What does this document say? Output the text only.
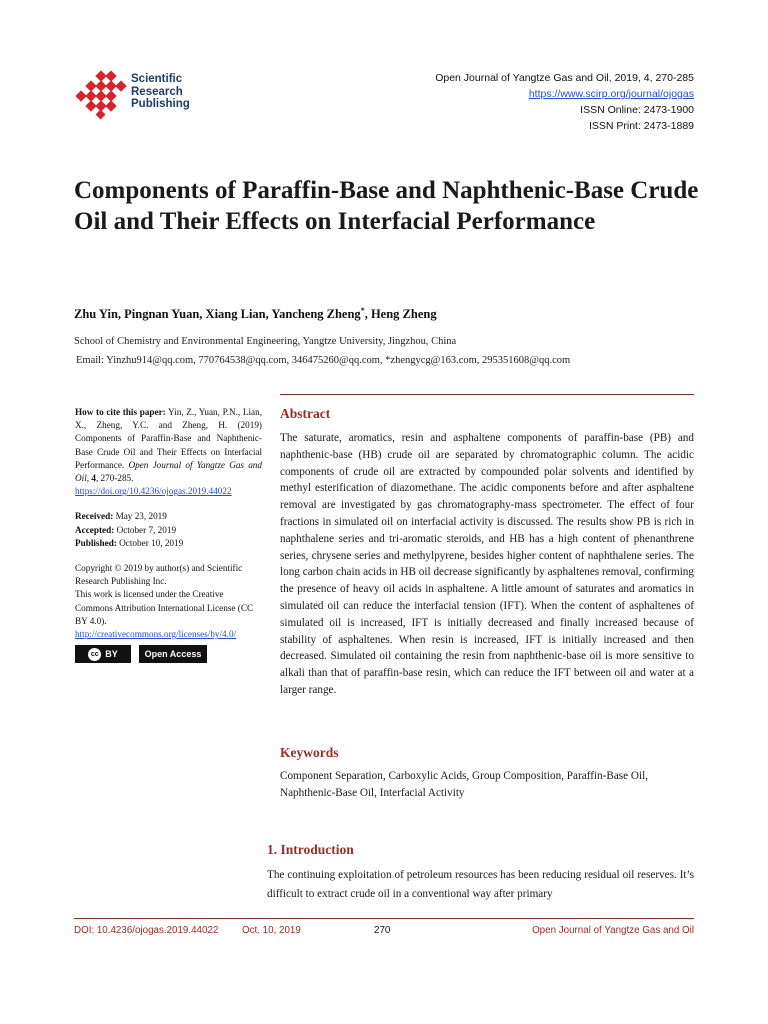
Scientific
Research
Publishing
Open Journal of Yangtze Gas and Oil, 2019, 4, 270-285
https://www.scirp.org/journal/ojogas
ISSN Online: 2473-1900
ISSN Print: 2473-1889
Components of Paraffin-Base and Naphthenic-Base Crude Oil and Their Effects on Interfacial Performance
Zhu Yin, Pingnan Yuan, Xiang Lian, Yancheng Zheng*, Heng Zheng
School of Chemistry and Environmental Engineering, Yangtze University, Jingzhou, China
Email: Yinzhu914@qq.com, 770764538@qq.com, 346475260@qq.com, *zhengycg@163.com, 295351608@qq.com
How to cite this paper: Yin, Z., Yuan, P.N., Lian, X., Zheng, Y.C. and Zheng, H. (2019) Components of Paraffin-Base and Naphthenic-Base Crude Oil and Their Effects on Interfacial Performance. Open Journal of Yangtze Gas and Oil, 4, 270-285.
https://doi.org/10.4236/ojogas.2019.44022
Received: May 23, 2019
Accepted: October 7, 2019
Published: October 10, 2019
Copyright © 2019 by author(s) and Scientific Research Publishing Inc.
This work is licensed under the Creative Commons Attribution International License (CC BY 4.0).
http://creativecommons.org/licenses/by/4.0/
cc BY	Open Access
Abstract
The saturate, aromatics, resin and asphaltene components of paraffin-base (PB) and naphthenic-base (HB) crude oil are separated by chromatographic column. The acidic components of crude oil are extracted by compounded polar solvents and identified by methyl esterification of diazomethane. The acidic components before and after asphaltene removal are investigated by gas chromatography-mass spectrometer. The effect of four fractions in simulated oil on interfacial activity is discussed. The results show PB is rich in naphthalene series and tri-aromatic steroids, and HB has a high content of phenanthrene series, chrysene series and methylpyrene, besides higher content of naphthalene series. The long carbon chain acids in HB oil decrease significantly by asphaltenes removal, confirming the presence of heavy oil acids in asphaltene. A little amount of saturates and aromatics in simulated oil can reduce the interfacial tension (IFT). When the content of asphaltenes of simulated oil is increased, IFT is initially decreased and finally increased because of stability of asphaltenes. When resin is increased, IFT is initially increased and then decreased. Simulated oil containing the resin from naphthenic-base oil is more sensitive to alkali than that of paraffin-base resin, which can reduce the IFT between oil and water at a larger range.
Keywords
Component Separation, Carboxylic Acids, Group Composition, Paraffin-Base Oil, Naphthenic-Base Oil, Interfacial Activity
1. Introduction
The continuing exploitation of petroleum resources has been reducing residual oil reserves. It’s difficult to extract crude oil in a conventional way after primary
DOI: 10.4236/ojogas.2019.44022 Oct. 10, 2019	270	Open Journal of Yangtze Gas and Oil
